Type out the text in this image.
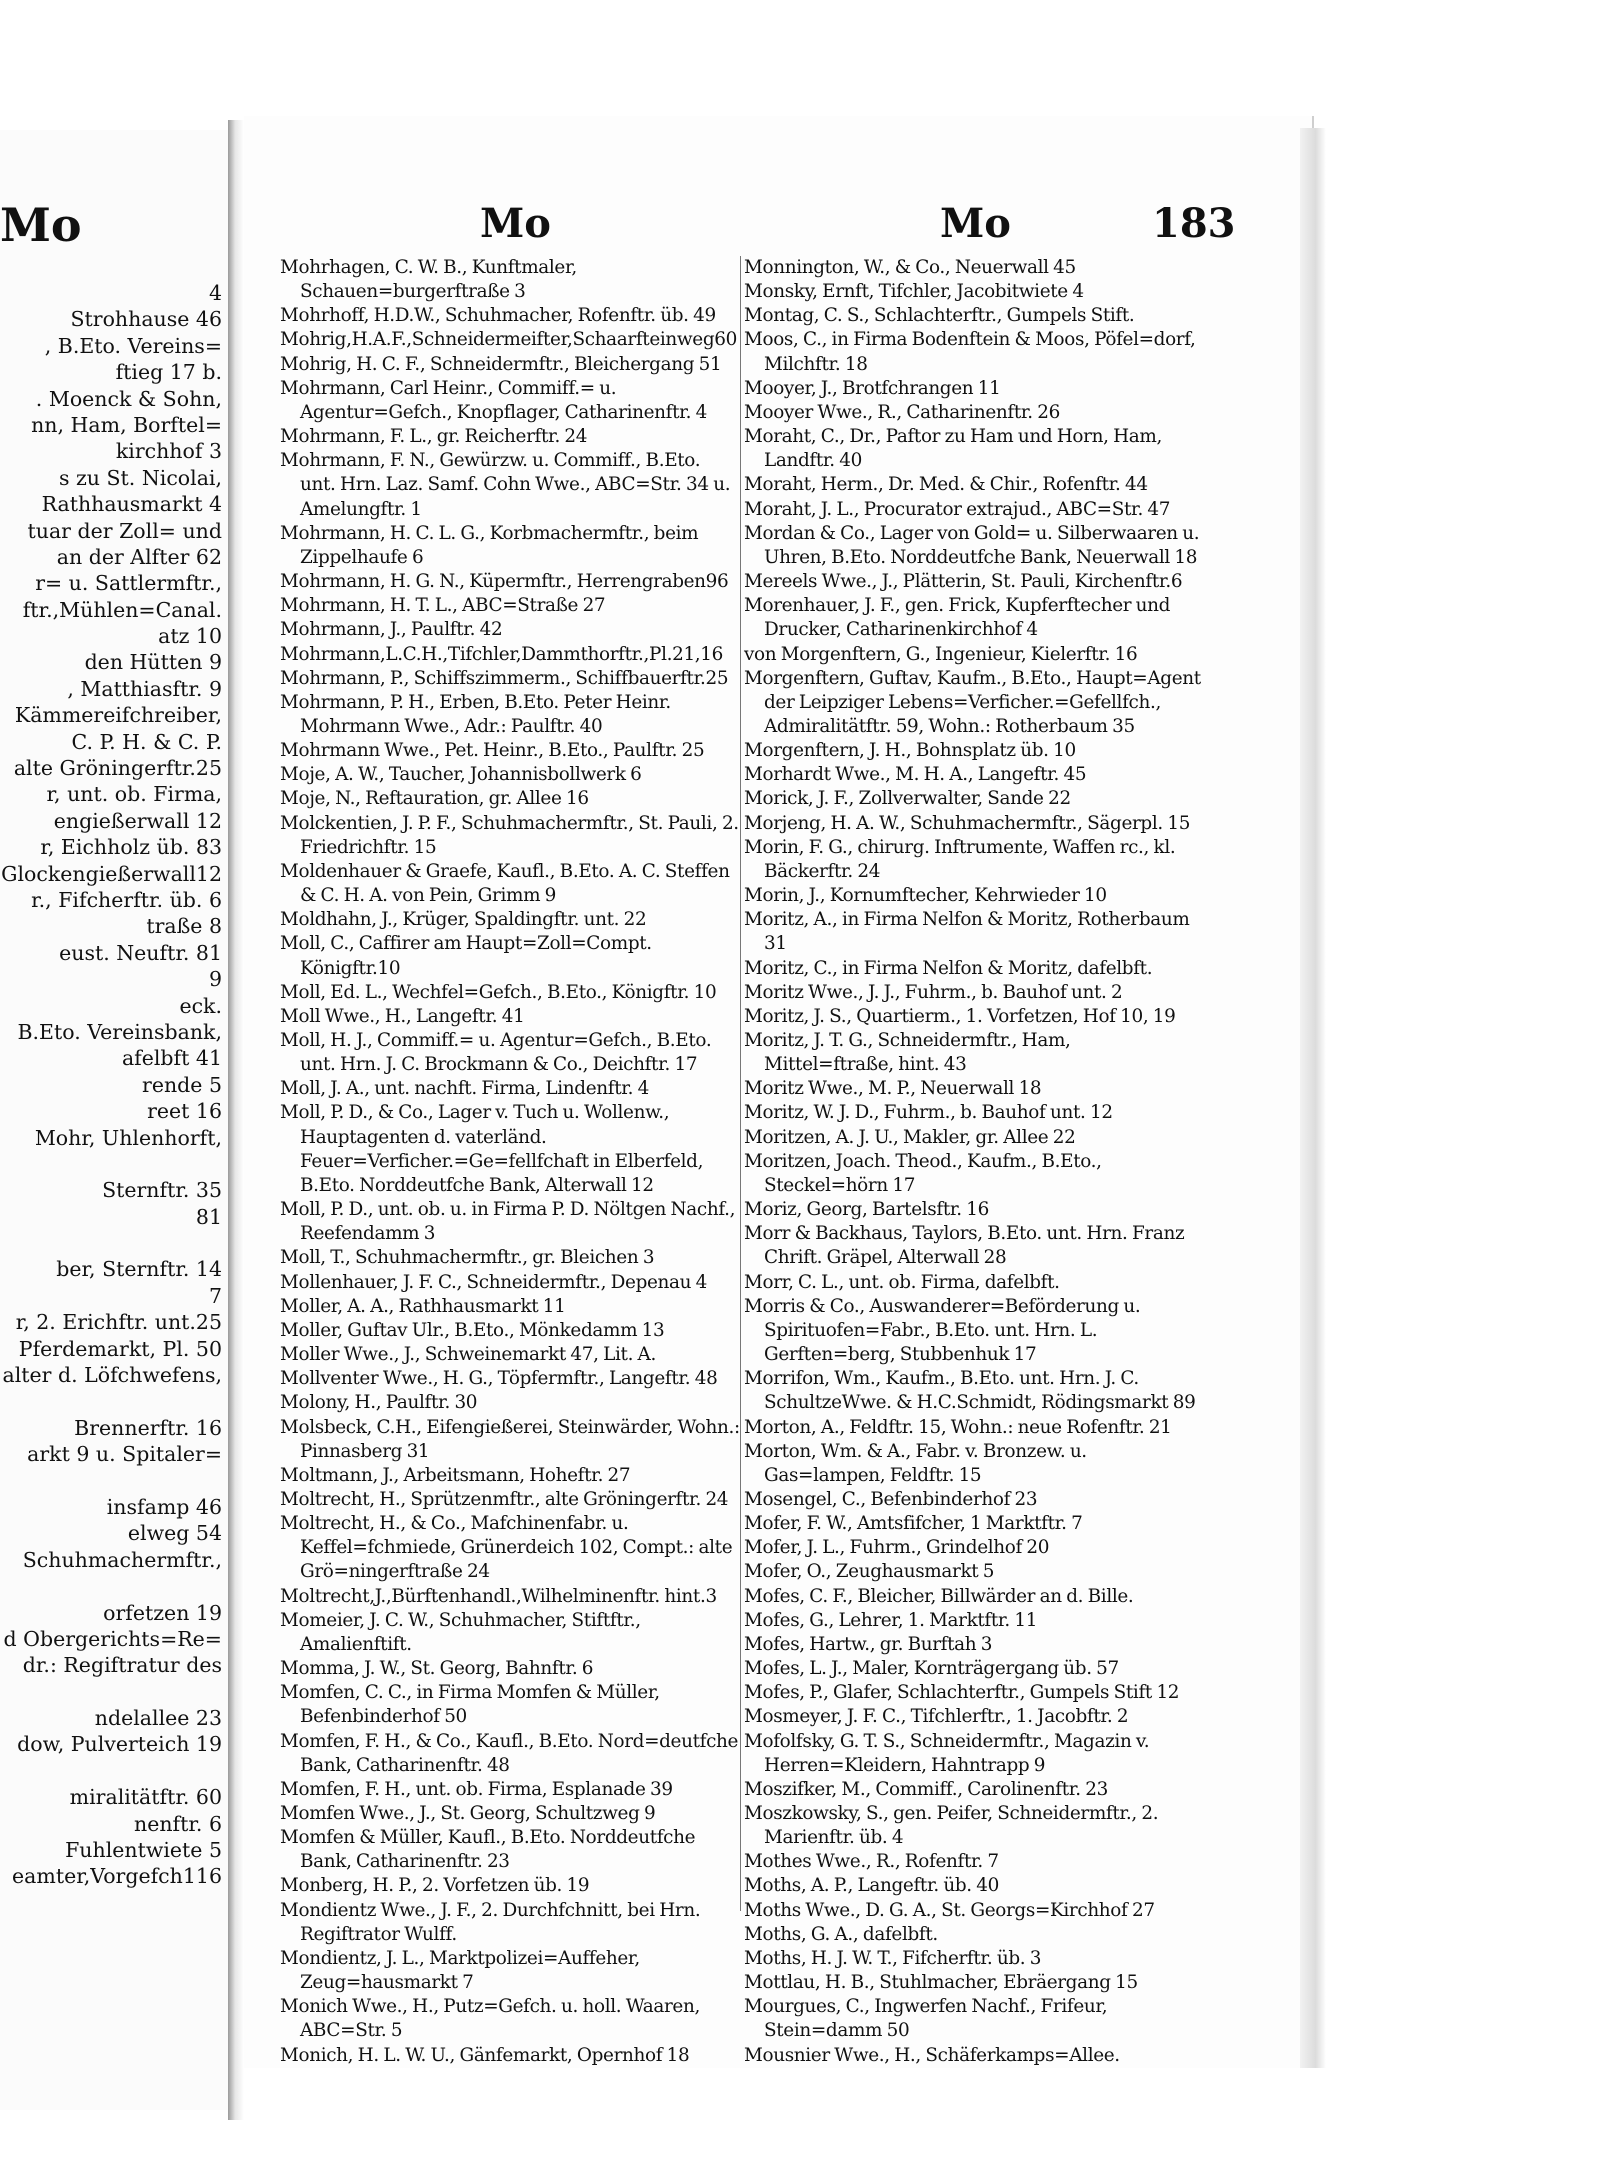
Mo
4
Strohhause 46
, B.Eto. Vereins=
ftieg 17 b.
. Moenck & Sohn,
nn, Ham, Borftel=
kirchhof 3
s zu St. Nicolai,
Rathhausmarkt 4
tuar der Zoll= und
an der Alfter 62
r= u. Sattlermftr.,
ftr.,Mühlen=Canal.
atz 10
den Hütten 9
, Matthiasftr. 9
Kämmereifchreiber,
C. P. H. & C. P.
alte Gröningerftr.25
r, unt. ob. Firma,
engießerwall 12
r, Eichholz üb. 83
Glockengießerwall12
r., Fifcherftr. üb. 6
traße 8
eust. Neuftr. 81
9
eck.
B.Eto. Vereinsbank,
afelbft 41
rende 5
reet 16
Mohr, Uhlenhorft,
Sternftr. 35
81
ber, Sternftr. 14
7
r, 2. Erichftr. unt.25
Pferdemarkt, Pl. 50
alter d. Löfchwefens,
Brennerftr. 16
arkt 9 u. Spitaler=
insfamp 46
elweg 54
Schuhmachermftr.,
orfetzen 19
d Obergerichts=Re=
dr.: Regiftratur des
ndelallee 23
dow, Pulverteich 19
miralitätftr. 60
nenftr. 6
Fuhlentwiete 5
eamter,Vorgefch116
Mo	Mo	183
Mohrhagen, C. W. B., Kunftmaler, Schauen=burgerftraße 3
Mohrhoff, H.D.W., Schuhmacher, Rofenftr. üb. 49
Mohrig,H.A.F.,Schneidermeifter,Schaarfteinweg60
Mohrig, H. C. F., Schneidermftr., Bleichergang 51
Mohrmann, Carl Heinr., Commiff.= u. Agentur=Gefch., Knopflager, Catharinenftr. 4
Mohrmann, F. L., gr. Reicherftr. 24
Mohrmann, F. N., Gewürzw. u. Commiff., B.Eto. unt. Hrn. Laz. Samf. Cohn Wwe., ABC=Str. 34 u. Amelungftr. 1
Mohrmann, H. C. L. G., Korbmachermftr., beim Zippelhaufe 6
Mohrmann, H. G. N., Küpermftr., Herrengraben96
Mohrmann, H. T. L., ABC=Straße 27
Mohrmann, J., Paulftr. 42
Mohrmann,L.C.H.,Tifchler,Dammthorftr.,Pl.21,16
Mohrmann, P., Schiffszimmerm., Schiffbauerftr.25
Mohrmann, P. H., Erben, B.Eto. Peter Heinr. Mohrmann Wwe., Adr.: Paulftr. 40
Mohrmann Wwe., Pet. Heinr., B.Eto., Paulftr. 25
Moje, A. W., Taucher, Johannisbollwerk 6
Moje, N., Reftauration, gr. Allee 16
Molckentien, J. P. F., Schuhmachermftr., St. Pauli, 2. Friedrichftr. 15
Moldenhauer & Graefe, Kaufl., B.Eto. A. C. Steffen & C. H. A. von Pein, Grimm 9
Moldhahn, J., Krüger, Spaldingftr. unt. 22
Moll, C., Caffirer am Haupt=Zoll=Compt. Königftr.10
Moll, Ed. L., Wechfel=Gefch., B.Eto., Königftr. 10
Moll Wwe., H., Langeftr. 41
Moll, H. J., Commiff.= u. Agentur=Gefch., B.Eto. unt. Hrn. J. C. Brockmann & Co., Deichftr. 17
Moll, J. A., unt. nachft. Firma, Lindenftr. 4
Moll, P. D., & Co., Lager v. Tuch u. Wollenw., Hauptagenten d. vaterländ. Feuer=Verficher.=Ge=fellfchaft in Elberfeld, B.Eto. Norddeutfche Bank, Alterwall 12
Moll, P. D., unt. ob. u. in Firma P. D. Nöltgen Nachf., Reefendamm 3
Moll, T., Schuhmachermftr., gr. Bleichen 3
Mollenhauer, J. F. C., Schneidermftr., Depenau 4
Moller, A. A., Rathhausmarkt 11
Moller, Guftav Ulr., B.Eto., Mönkedamm 13
Moller Wwe., J., Schweinemarkt 47, Lit. A.
Mollventer Wwe., H. G., Töpfermftr., Langeftr. 48
Molony, H., Paulftr. 30
Molsbeck, C.H., Eifengießerei, Steinwärder, Wohn.: Pinnasberg 31
Moltmann, J., Arbeitsmann, Hoheftr. 27
Moltrecht, H., Sprützenmftr., alte Gröningerftr. 24
Moltrecht, H., & Co., Mafchinenfabr. u. Keffel=fchmiede, Grünerdeich 102, Compt.: alte Grö=ningerftraße 24
Moltrecht,J.,Bürftenhandl.,Wilhelminenftr. hint.3
Momeier, J. C. W., Schuhmacher, Stiftftr., Amalienftift.
Momma, J. W., St. Georg, Bahnftr. 6
Momfen, C. C., in Firma Momfen & Müller, Befenbinderhof 50
Momfen, F. H., & Co., Kaufl., B.Eto. Nord=deutfche Bank, Catharinenftr. 48
Momfen, F. H., unt. ob. Firma, Esplanade 39
Momfen Wwe., J., St. Georg, Schultzweg 9
Momfen & Müller, Kaufl., B.Eto. Norddeutfche Bank, Catharinenftr. 23
Monberg, H. P., 2. Vorfetzen üb. 19
Mondientz Wwe., J. F., 2. Durchfchnitt, bei Hrn. Regiftrator Wulff.
Mondientz, J. L., Marktpolizei=Auffeher, Zeug=hausmarkt 7
Monich Wwe., H., Putz=Gefch. u. holl. Waaren, ABC=Str. 5
Monich, H. L. W. U., Gänfemarkt, Opernhof 18
Monnington, W., & Co., Neuerwall 45
Monsky, Ernft, Tifchler, Jacobitwiete 4
Montag, C. S., Schlachterftr., Gumpels Stift.
Moos, C., in Firma Bodenftein & Moos, Pöfel=dorf, Milchftr. 18
Mooyer, J., Brotfchrangen 11
Mooyer Wwe., R., Catharinenftr. 26
Moraht, C., Dr., Paftor zu Ham und Horn, Ham, Landftr. 40
Moraht, Herm., Dr. Med. & Chir., Rofenftr. 44
Moraht, J. L., Procurator extrajud., ABC=Str. 47
Mordan & Co., Lager von Gold= u. Silberwaaren u. Uhren, B.Eto. Norddeutfche Bank, Neuerwall 18
Mereels Wwe., J., Plätterin, St. Pauli, Kirchenftr.6
Morenhauer, J. F., gen. Frick, Kupferftecher und Drucker, Catharinenkirchhof 4
von Morgenftern, G., Ingenieur, Kielerftr. 16
Morgenftern, Guftav, Kaufm., B.Eto., Haupt=Agent der Leipziger Lebens=Verficher.=Gefellfch., Admiralitätftr. 59, Wohn.: Rotherbaum 35
Morgenftern, J. H., Bohnsplatz üb. 10
Morhardt Wwe., M. H. A., Langeftr. 45
Morick, J. F., Zollverwalter, Sande 22
Morjeng, H. A. W., Schuhmachermftr., Sägerpl. 15
Morin, F. G., chirurg. Inftrumente, Waffen rc., kl. Bäckerftr. 24
Morin, J., Kornumftecher, Kehrwieder 10
Moritz, A., in Firma Nelfon & Moritz, Rotherbaum 31
Moritz, C., in Firma Nelfon & Moritz, dafelbft.
Moritz Wwe., J. J., Fuhrm., b. Bauhof unt. 2
Moritz, J. S., Quartierm., 1. Vorfetzen, Hof 10, 19
Moritz, J. T. G., Schneidermftr., Ham, Mittel=ftraße, hint. 43
Moritz Wwe., M. P., Neuerwall 18
Moritz, W. J. D., Fuhrm., b. Bauhof unt. 12
Moritzen, A. J. U., Makler, gr. Allee 22
Moritzen, Joach. Theod., Kaufm., B.Eto., Steckel=hörn 17
Moriz, Georg, Bartelsftr. 16
Morr & Backhaus, Taylors, B.Eto. unt. Hrn. Franz Chrift. Gräpel, Alterwall 28
Morr, C. L., unt. ob. Firma, dafelbft.
Morris & Co., Auswanderer=Beförderung u. Spirituofen=Fabr., B.Eto. unt. Hrn. L. Gerften=berg, Stubbenhuk 17
Morrifon, Wm., Kaufm., B.Eto. unt. Hrn. J. C. SchultzeWwe. & H.C.Schmidt, Rödingsmarkt 89
Morton, A., Feldftr. 15, Wohn.: neue Rofenftr. 21
Morton, Wm. & A., Fabr. v. Bronzew. u. Gas=lampen, Feldftr. 15
Mosengel, C., Befenbinderhof 23
Mofer, F. W., Amtsfifcher, 1 Marktftr. 7
Mofer, J. L., Fuhrm., Grindelhof 20
Mofer, O., Zeughausmarkt 5
Mofes, C. F., Bleicher, Billwärder an d. Bille.
Mofes, G., Lehrer, 1. Marktftr. 11
Mofes, Hartw., gr. Burftah 3
Mofes, L. J., Maler, Kornträgergang üb. 57
Mofes, P., Glafer, Schlachterftr., Gumpels Stift 12
Mosmeyer, J. F. C., Tifchlerftr., 1. Jacobftr. 2
Mofolfsky, G. T. S., Schneidermftr., Magazin v. Herren=Kleidern, Hahntrapp 9
Moszifker, M., Commiff., Carolinenftr. 23
Moszkowsky, S., gen. Peifer, Schneidermftr., 2. Marienftr. üb. 4
Mothes Wwe., R., Rofenftr. 7
Moths, A. P., Langeftr. üb. 40
Moths Wwe., D. G. A., St. Georgs=Kirchhof 27
Moths, G. A., dafelbft.
Moths, H. J. W. T., Fifcherftr. üb. 3
Mottlau, H. B., Stuhlmacher, Ebräergang 15
Mourgues, C., Ingwerfen Nachf., Frifeur, Stein=damm 50
Mousnier Wwe., H., Schäferkamps=Allee.
